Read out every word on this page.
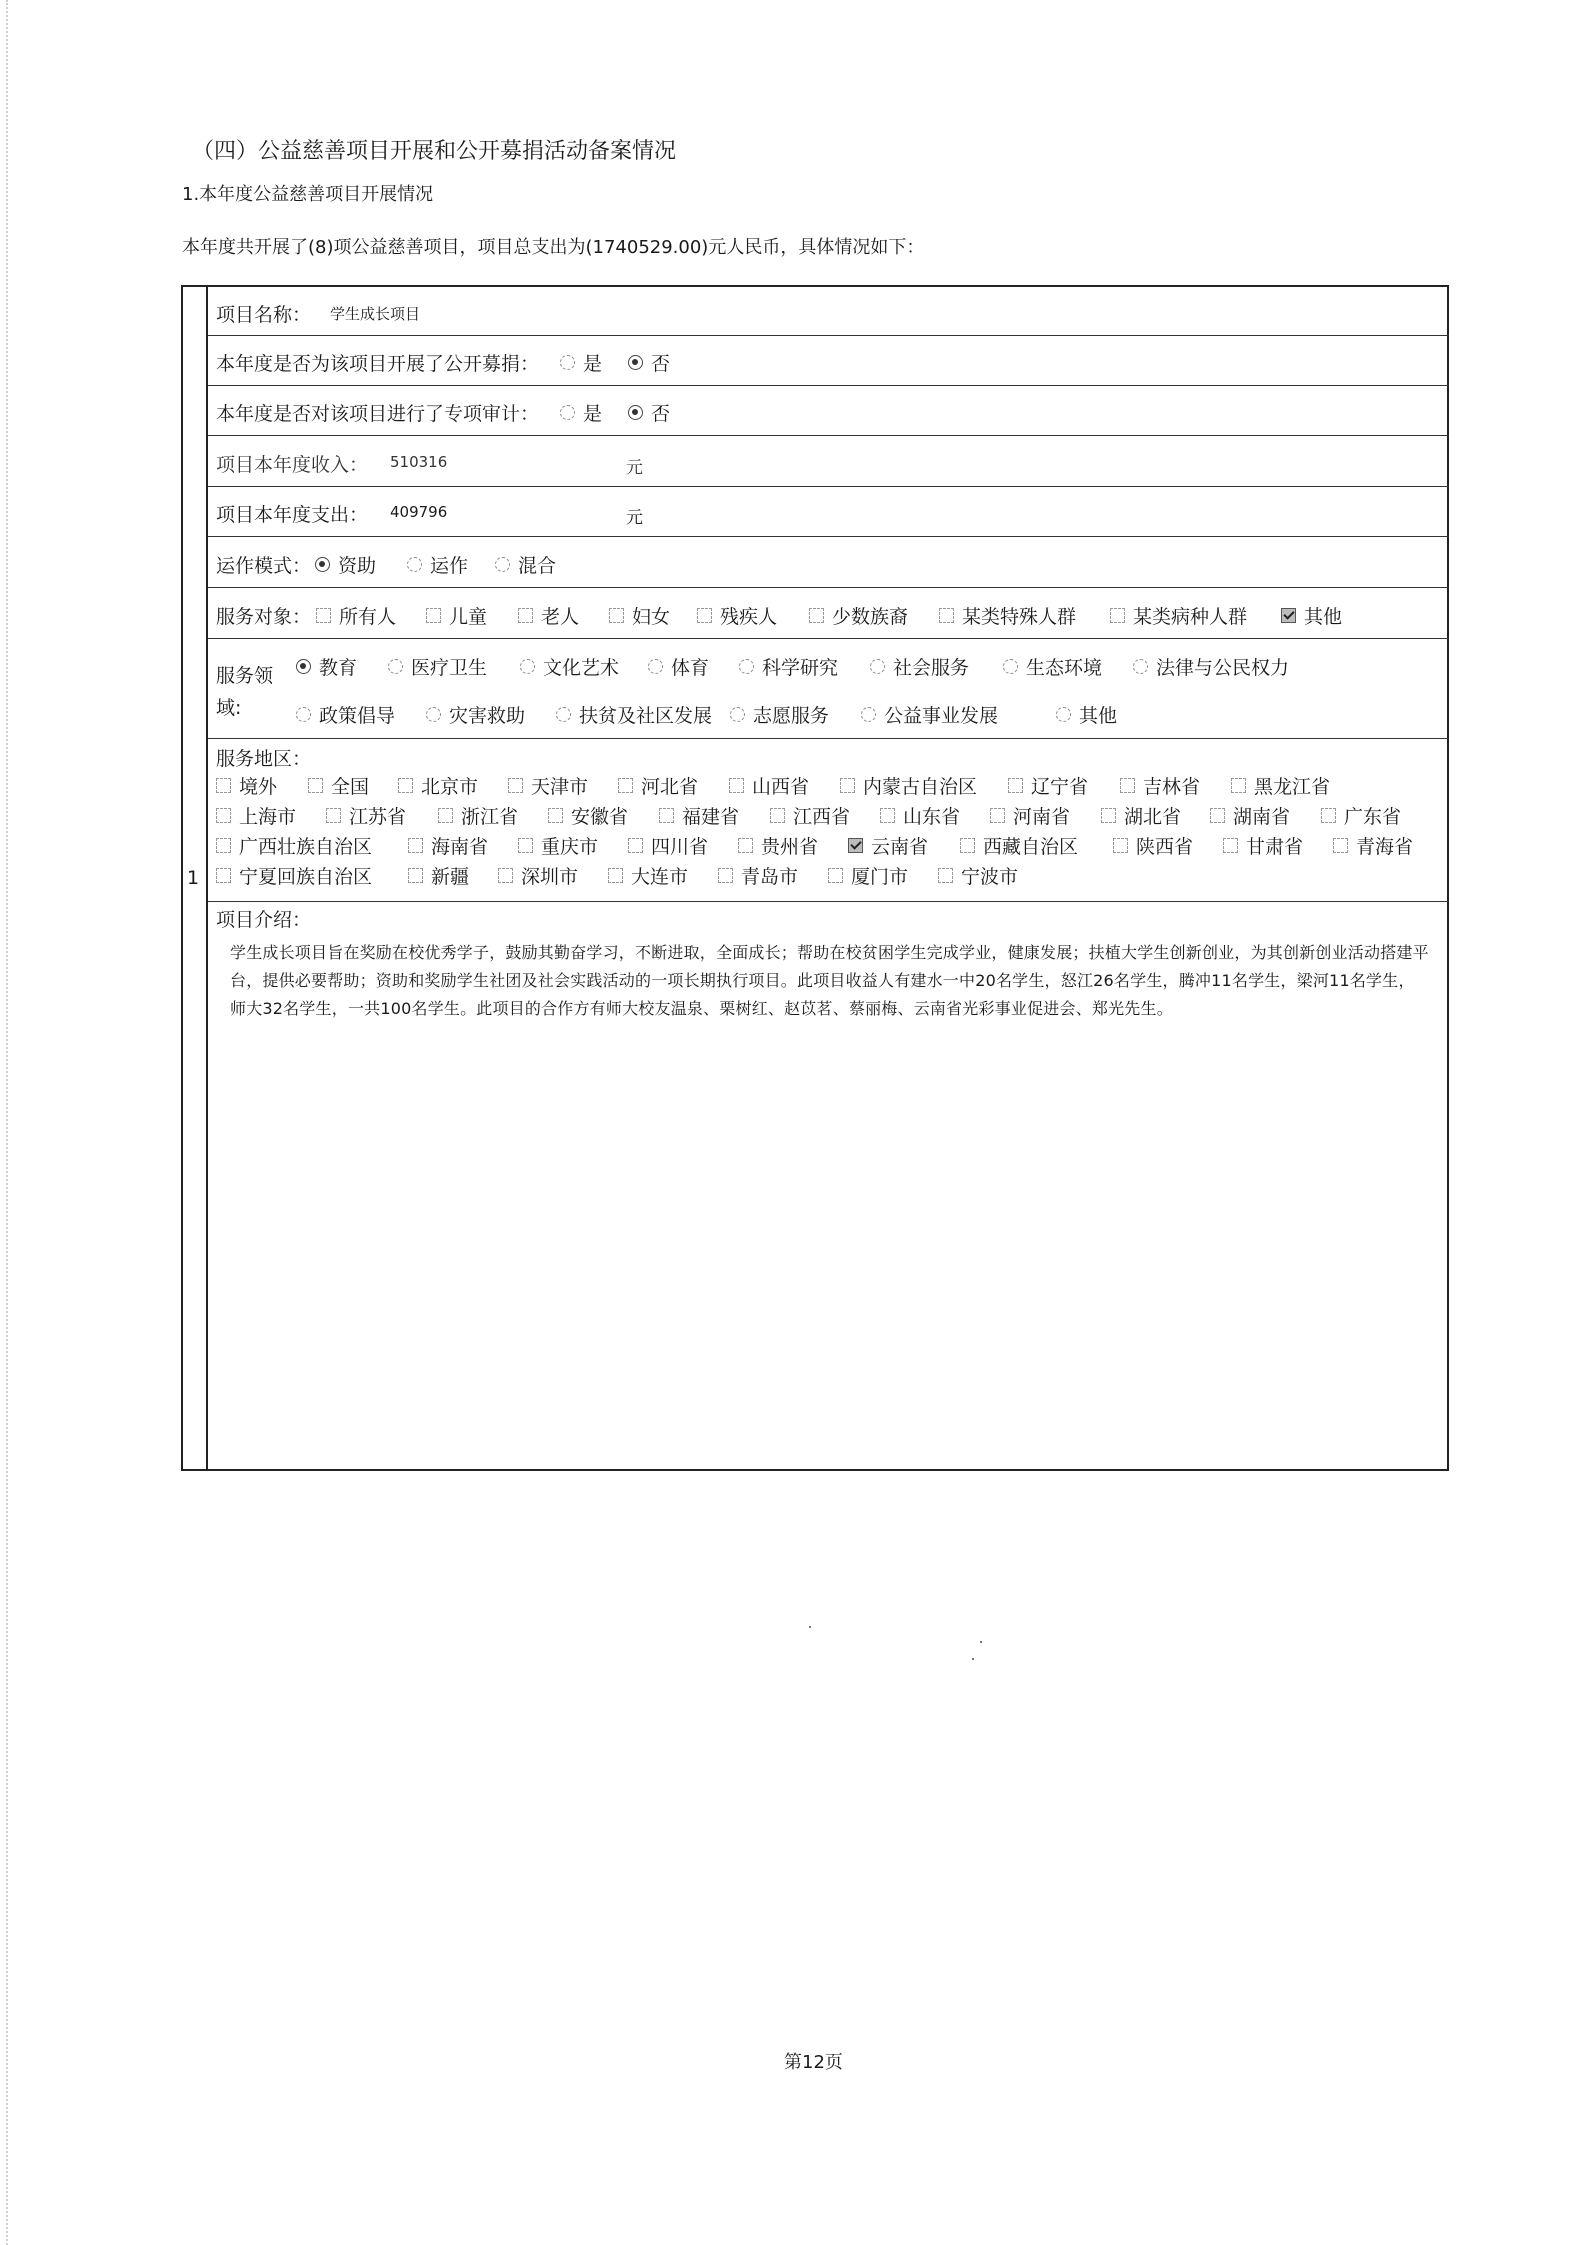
（四）公益慈善项目开展和公开募捐活动备案情况
1.本年度公益慈善项目开展情况
本年度共开展了(8)项公益慈善项目，项目总支出为(1740529.00)元人民币，具体情况如下：
1
项目名称： 学生成长项目
本年度是否为该项目开展了公开募捐： 是	否
本年度是否对该项目进行了专项审计： 是	否
项目本年度收入： 510316	元
项目本年度支出： 409796	元
运作模式： 资助	运作	混合
服务对象： 所有人	儿童	老人	妇女	残疾人	少数族裔	某类特殊人群	某类病种人群	其他
服务领
域:
教育	医疗卫生	文化艺术	体育	科学研究	社会服务	生态环境	法律与公民权力
政策倡导	灾害救助	扶贫及社区发展 志愿服务	公益事业发展	其他
服务地区：
境外	全国	北京市	天津市	河北省	山西省	内蒙古自治区	辽宁省	吉林省	黑龙江省
上海市	江苏省	浙江省	安徽省	福建省	江西省	山东省	河南省	湖北省	湖南省	广东省
广西壮族自治区	海南省	重庆市	四川省	贵州省	云南省	西藏自治区	陕西省	甘肃省	青海省
宁夏回族自治区	新疆	深圳市	大连市	青岛市	厦门市	宁波市
项目介绍：
学生成长项目旨在奖励在校优秀学子，鼓励其勤奋学习，不断进取，全面成长；帮助在校贫困学生完成学业，健康发展；扶植大学生创新创业，为其创新创业活动搭建平台，提供必要帮助；资助和奖励学生社团及社会实践活动的一项长期执行项目。此项目收益人有建水一中20名学生，怒江26名学生，腾冲11名学生，梁河11名学生，师大32名学生，一共100名学生。此项目的合作方有师大校友温泉、栗树红、赵苡茗、蔡丽梅、云南省光彩事业促进会、郑光先生。
第12页
